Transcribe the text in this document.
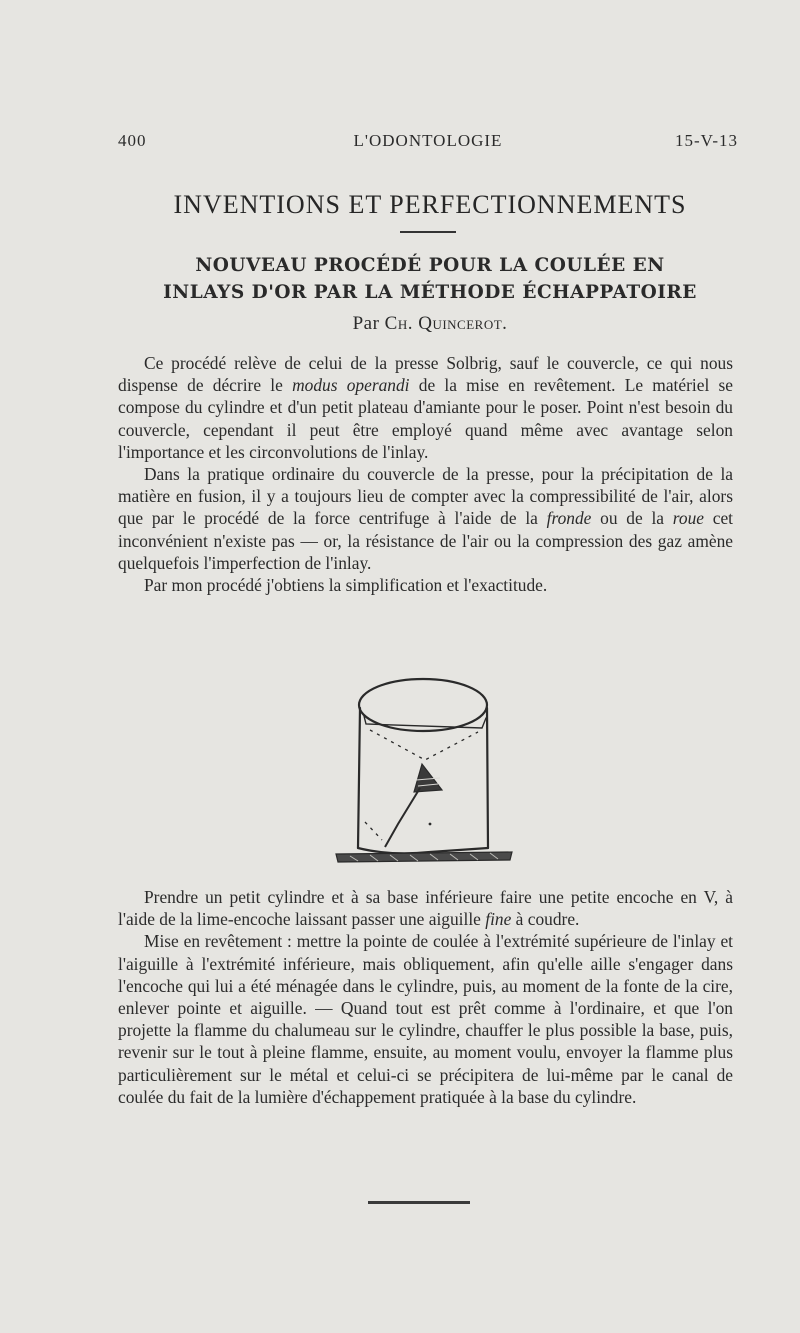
400	L'ODONTOLOGIE	15-V-13
INVENTIONS ET PERFECTIONNEMENTS
NOUVEAU PROCÉDÉ POUR LA COULÉE EN
INLAYS D'OR PAR LA MÉTHODE ÉCHAPPATOIRE
Par Ch. Quincerot.

Ce procédé relève de celui de la presse Solbrig, sauf le couvercle, ce qui nous dispense de décrire le modus operandi de la mise en revêtement. Le matériel se compose du cylindre et d'un petit plateau d'amiante pour le poser. Point n'est besoin du couvercle, cependant il peut être employé quand même avec avantage selon l'importance et les circonvolutions de l'inlay.

Dans la pratique ordinaire du couvercle de la presse, pour la précipitation de la matière en fusion, il y a toujours lieu de compter avec la compressibilité de l'air, alors que par le procédé de la force centrifuge à l'aide de la fronde ou de la roue cet inconvénient n'existe pas — or, la résistance de l'air ou la compression des gaz amène quelquefois l'imperfection de l'inlay.

Par mon procédé j'obtiens la simplification et l'exactitude.

Prendre un petit cylindre et à sa base inférieure faire une petite encoche en V, à l'aide de la lime-encoche laissant passer une aiguille fine à coudre.

Mise en revêtement : mettre la pointe de coulée à l'extrémité supérieure de l'inlay et l'aiguille à l'extrémité inférieure, mais obliquement, afin qu'elle aille s'engager dans l'encoche qui lui a été ménagée dans le cylindre, puis, au moment de la fonte de la cire, enlever pointe et aiguille. — Quand tout est prêt comme à l'ordinaire, et que l'on projette la flamme du chalumeau sur le cylindre, chauffer le plus possible la base, puis, revenir sur le tout à pleine flamme, ensuite, au moment voulu, envoyer la flamme plus particulièrement sur le métal et celui-ci se précipitera de lui-même par le canal de coulée du fait de la lumière d'échappement pratiquée à la base du cylindre.
